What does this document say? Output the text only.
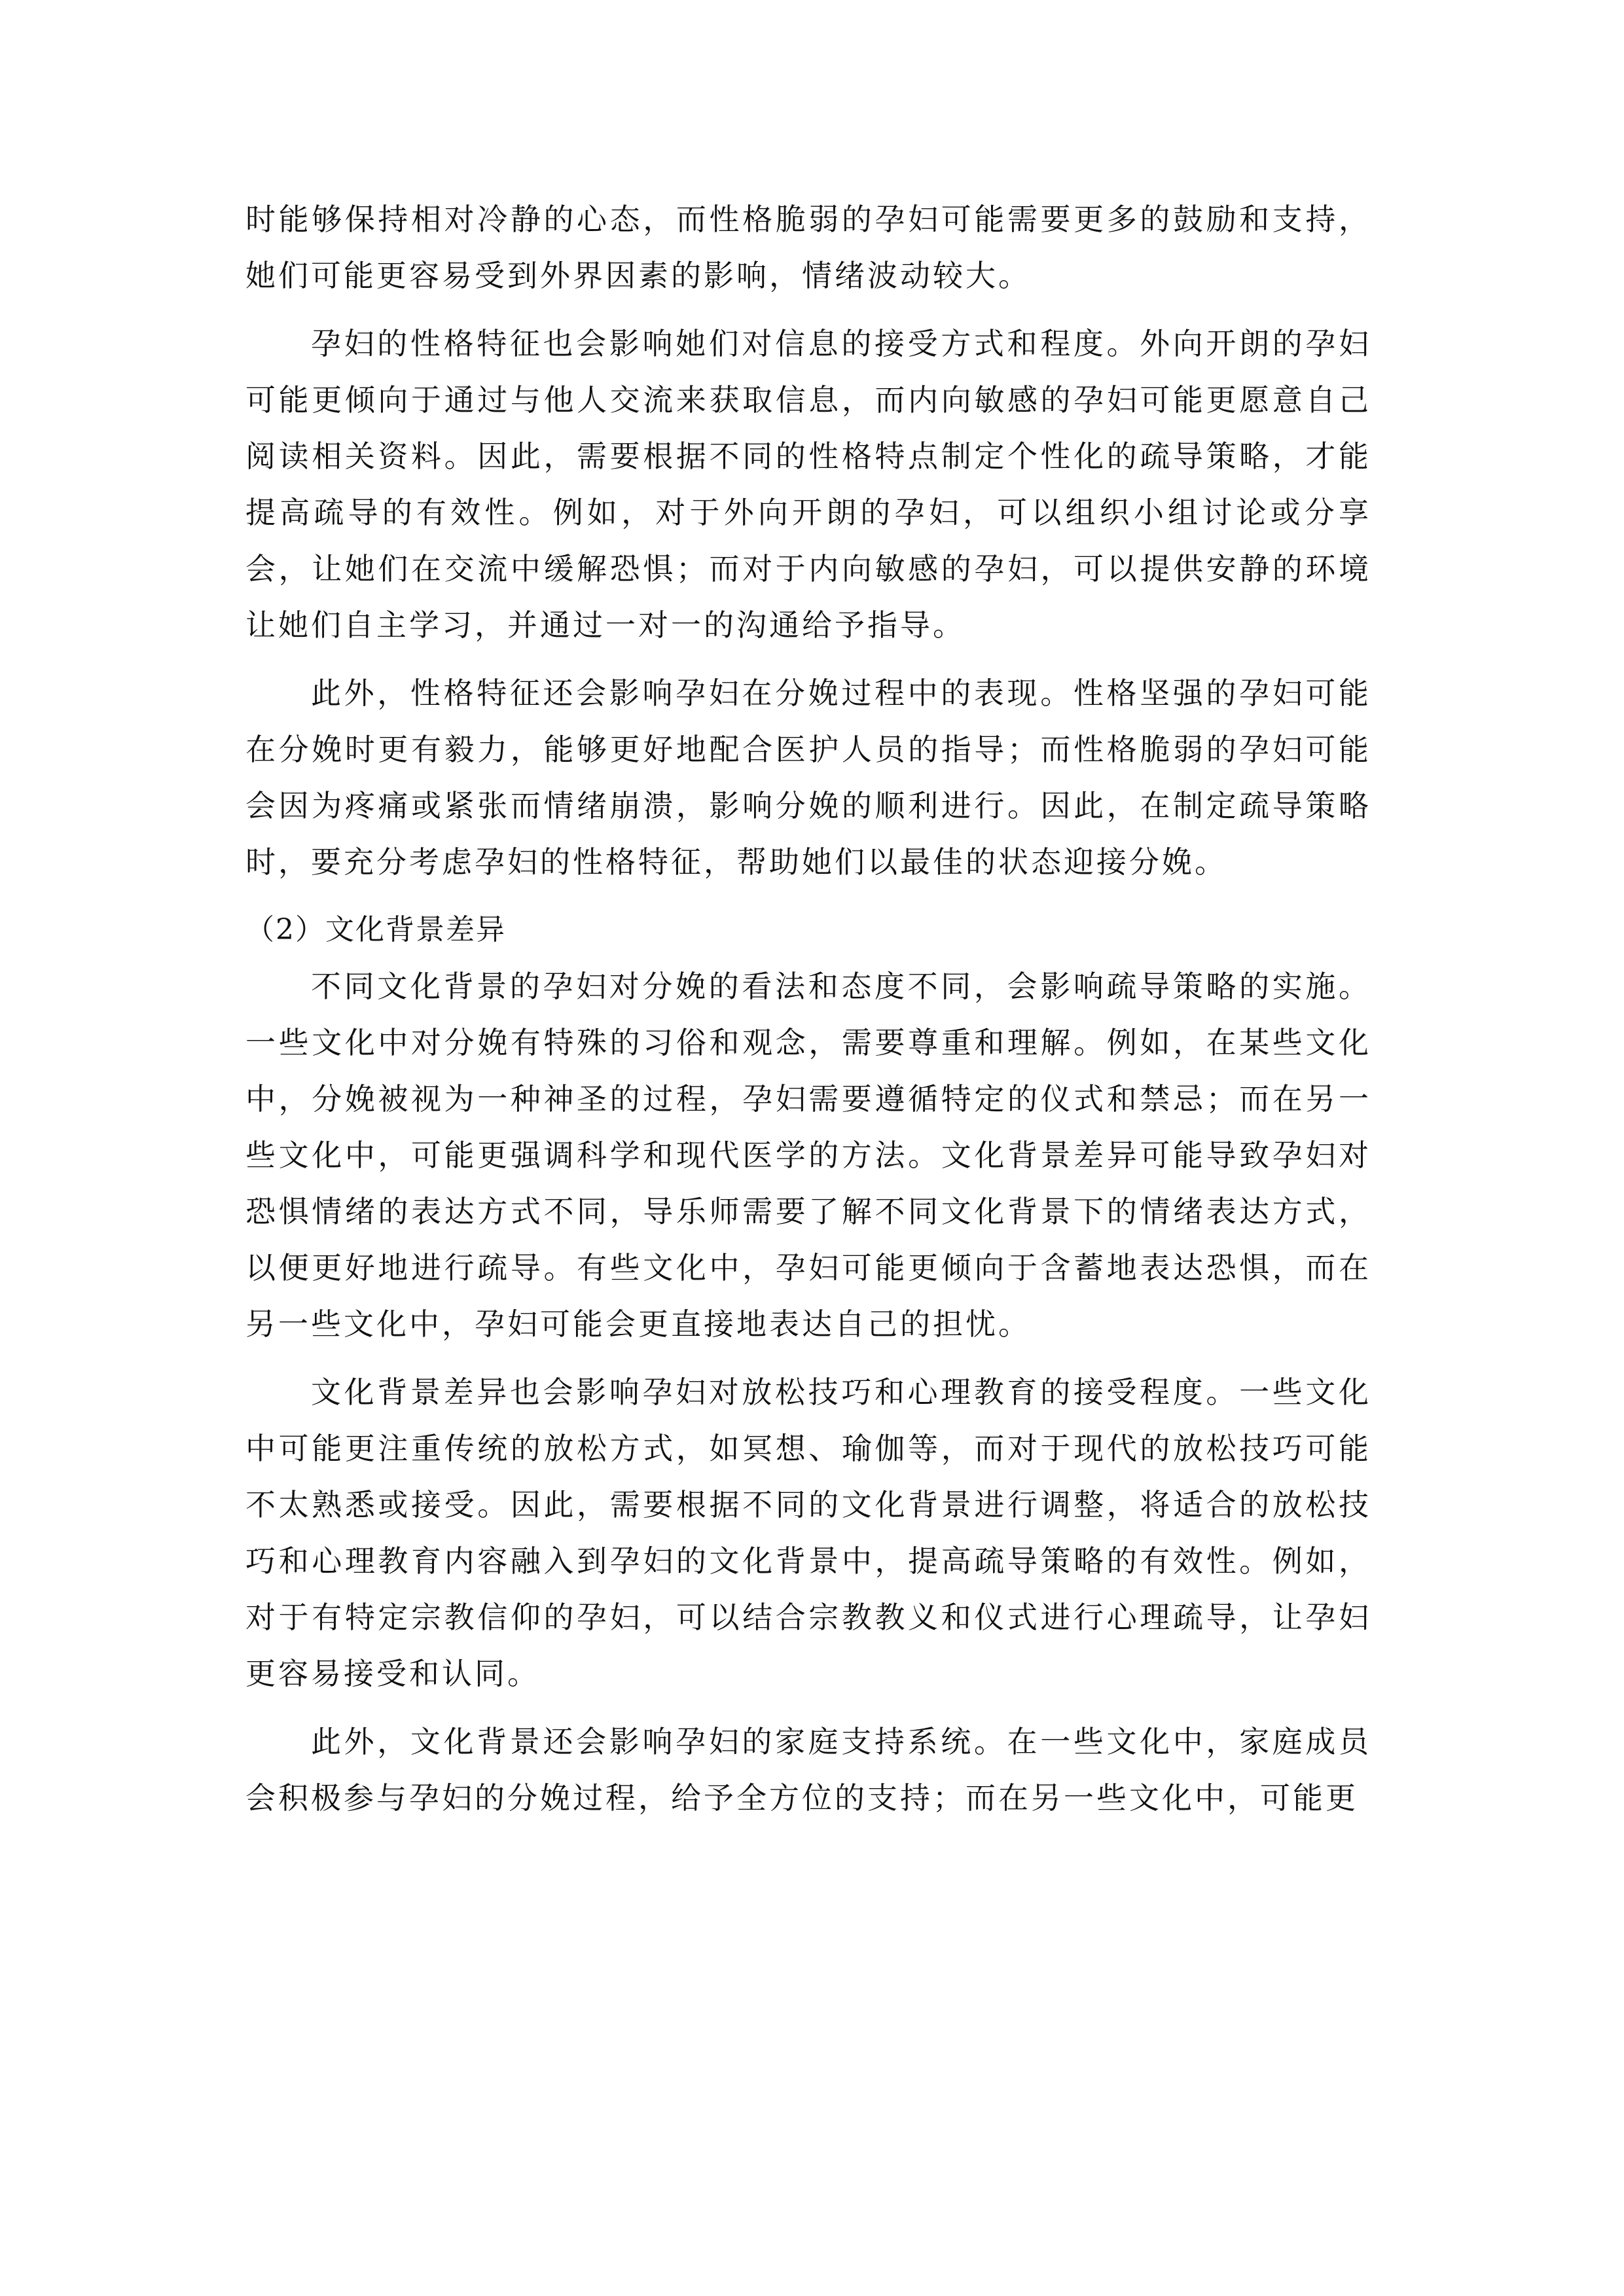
时能够保持相对冷静的心态，而性格脆弱的孕妇可能需要更多的鼓励和支持，她们可能更容易受到外界因素的影响，情绪波动较大。

孕妇的性格特征也会影响她们对信息的接受方式和程度。外向开朗的孕妇可能更倾向于通过与他人交流来获取信息，而内向敏感的孕妇可能更愿意自己阅读相关资料。因此，需要根据不同的性格特点制定个性化的疏导策略，才能提高疏导的有效性。例如，对于外向开朗的孕妇，可以组织小组讨论或分享会，让她们在交流中缓解恐惧；而对于内向敏感的孕妇，可以提供安静的环境让她们自主学习，并通过一对一的沟通给予指导。

此外，性格特征还会影响孕妇在分娩过程中的表现。性格坚强的孕妇可能在分娩时更有毅力，能够更好地配合医护人员的指导；而性格脆弱的孕妇可能会因为疼痛或紧张而情绪崩溃，影响分娩的顺利进行。因此，在制定疏导策略时，要充分考虑孕妇的性格特征，帮助她们以最佳的状态迎接分娩。

（2）文化背景差异

不同文化背景的孕妇对分娩的看法和态度不同，会影响疏导策略的实施。一些文化中对分娩有特殊的习俗和观念，需要尊重和理解。例如，在某些文化中，分娩被视为一种神圣的过程，孕妇需要遵循特定的仪式和禁忌；而在另一些文化中，可能更强调科学和现代医学的方法。文化背景差异可能导致孕妇对恐惧情绪的表达方式不同，导乐师需要了解不同文化背景下的情绪表达方式，以便更好地进行疏导。有些文化中，孕妇可能更倾向于含蓄地表达恐惧，而在另一些文化中，孕妇可能会更直接地表达自己的担忧。

文化背景差异也会影响孕妇对放松技巧和心理教育的接受程度。一些文化中可能更注重传统的放松方式，如冥想、瑜伽等，而对于现代的放松技巧可能不太熟悉或接受。因此，需要根据不同的文化背景进行调整，将适合的放松技巧和心理教育内容融入到孕妇的文化背景中，提高疏导策略的有效性。例如，对于有特定宗教信仰的孕妇，可以结合宗教教义和仪式进行心理疏导，让孕妇更容易接受和认同。

此外，文化背景还会影响孕妇的家庭支持系统。在一些文化中，家庭成员会积极参与孕妇的分娩过程，给予全方位的支持；而在另一些文化中，可能更
